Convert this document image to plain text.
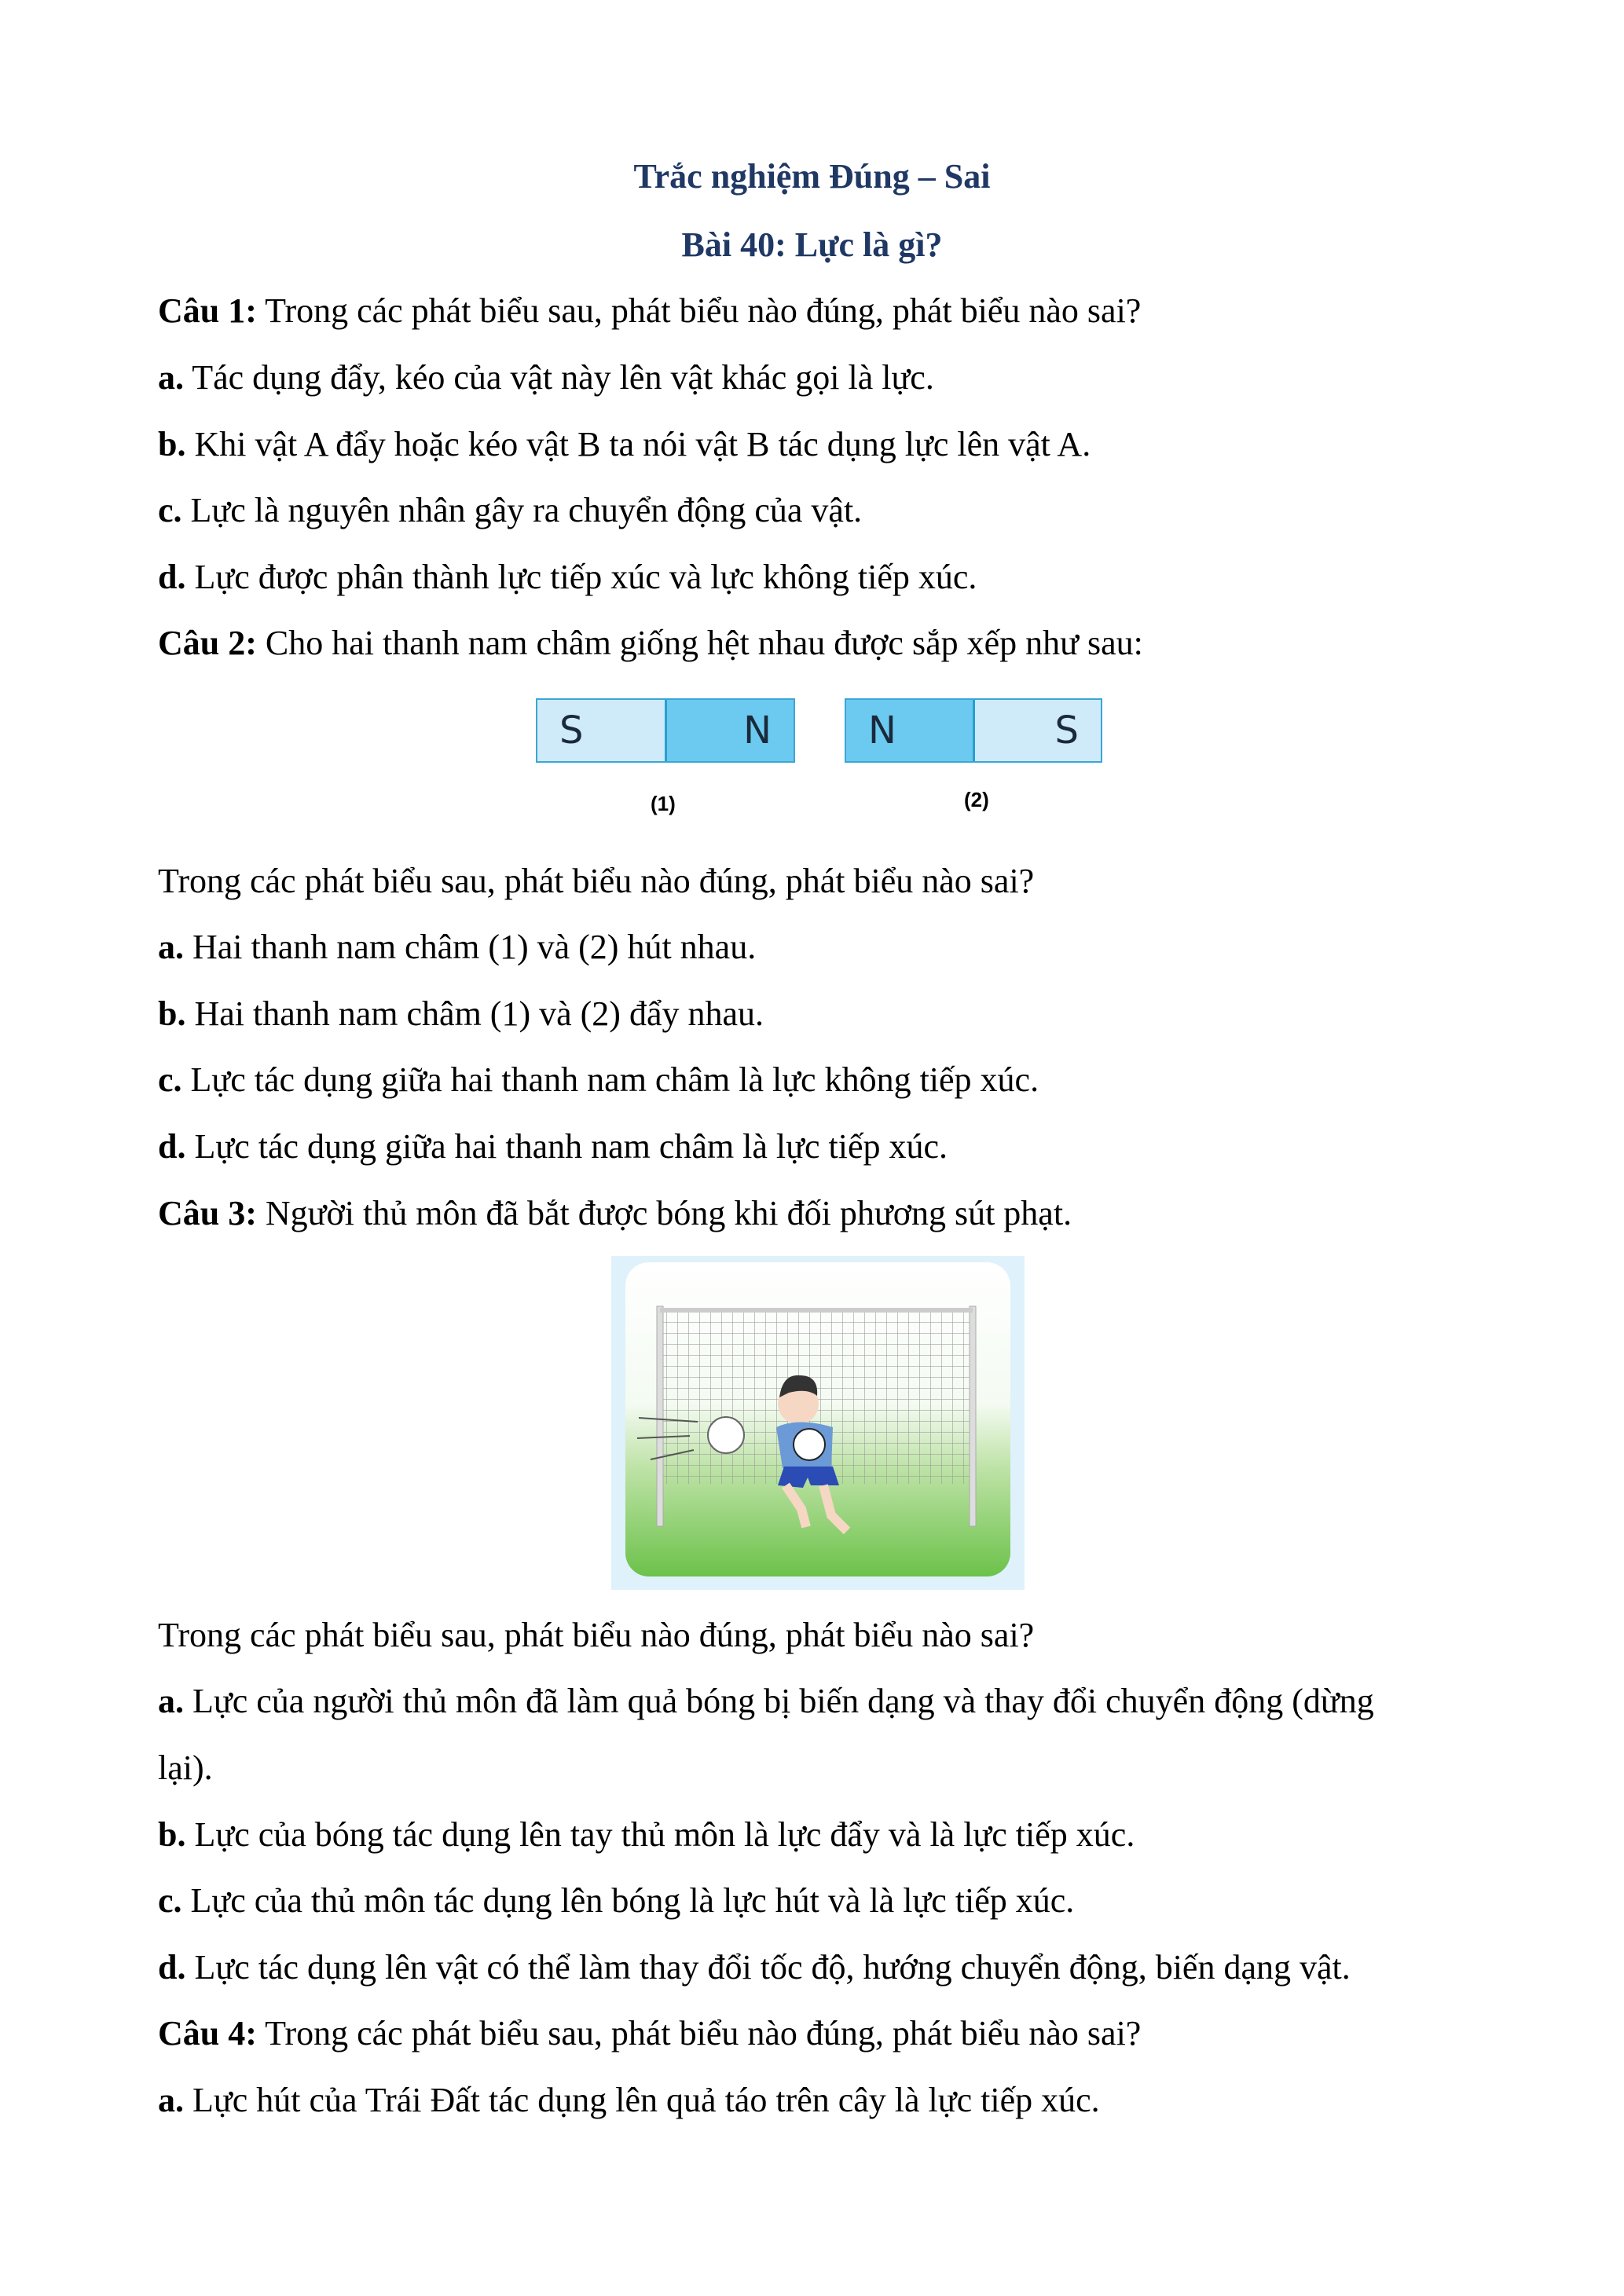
Trắc nghiệm Đúng – Sai
Bài 40: Lực là gì?
Câu 1: Trong các phát biểu sau, phát biểu nào đúng, phát biểu nào sai?
a. Tác dụng đẩy, kéo của vật này lên vật khác gọi là lực.
b. Khi vật A đẩy hoặc kéo vật B ta nói vật B tác dụng lực lên vật A.
c. Lực là nguyên nhân gây ra chuyển động của vật.
d. Lực được phân thành lực tiếp xúc và lực không tiếp xúc.
Câu 2: Cho hai thanh nam châm giống hệt nhau được sắp xếp như sau:
S	N	N	S
(1)	(2)
Trong các phát biểu sau, phát biểu nào đúng, phát biểu nào sai?
a. Hai thanh nam châm (1) và (2) hút nhau.
b. Hai thanh nam châm (1) và (2) đẩy nhau.
c. Lực tác dụng giữa hai thanh nam châm là lực không tiếp xúc.
d. Lực tác dụng giữa hai thanh nam châm là lực tiếp xúc.
Câu 3: Người thủ môn đã bắt được bóng khi đối phương sút phạt.
Trong các phát biểu sau, phát biểu nào đúng, phát biểu nào sai?
a. Lực của người thủ môn đã làm quả bóng bị biến dạng và thay đổi chuyển động (dừng
lại).
b. Lực của bóng tác dụng lên tay thủ môn là lực đẩy và là lực tiếp xúc.
c. Lực của thủ môn tác dụng lên bóng là lực hút và là lực tiếp xúc.
d. Lực tác dụng lên vật có thể làm thay đổi tốc độ, hướng chuyển động, biến dạng vật.
Câu 4: Trong các phát biểu sau, phát biểu nào đúng, phát biểu nào sai?
a. Lực hút của Trái Đất tác dụng lên quả táo trên cây là lực tiếp xúc.
